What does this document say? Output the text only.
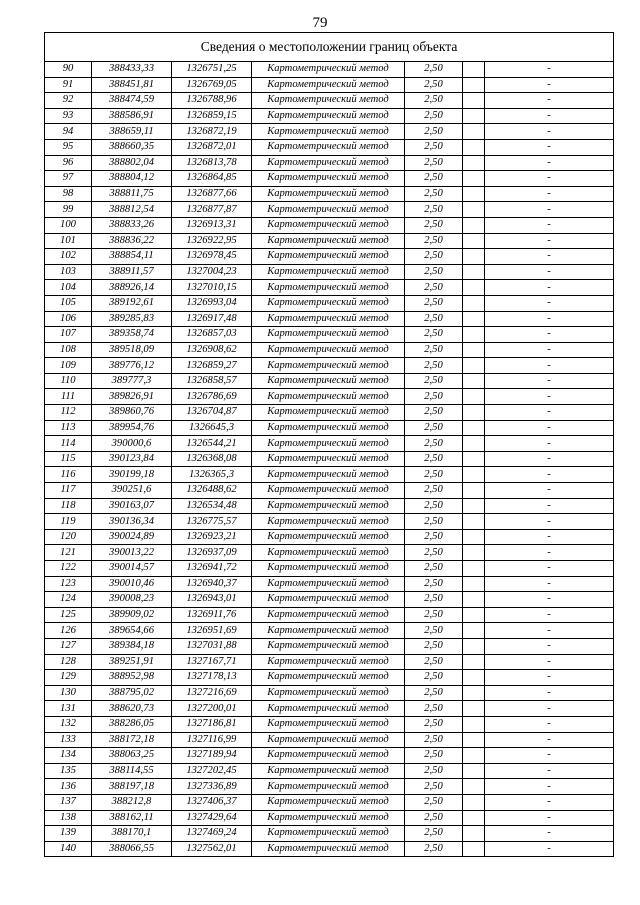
79
Сведения о местоположении границ объекта						
90	388433,33	1326751,25	Картометрический метод	2,50		-
91	388451,81	1326769,05	Картометрический метод	2,50		-
92	388474,59	1326788,96	Картометрический метод	2,50		-
93	388586,91	1326859,15	Картометрический метод	2,50		-
94	388659,11	1326872,19	Картометрический метод	2,50		-
95	388660,35	1326872,01	Картометрический метод	2,50		-
96	388802,04	1326813,78	Картометрический метод	2,50		-
97	388804,12	1326864,85	Картометрический метод	2,50		-
98	388811,75	1326877,66	Картометрический метод	2,50		-
99	388812,54	1326877,87	Картометрический метод	2,50		-
100	388833,26	1326913,31	Картометрический метод	2,50		-
101	388836,22	1326922,95	Картометрический метод	2,50		-
102	388854,11	1326978,45	Картометрический метод	2,50		-
103	388911,57	1327004,23	Картометрический метод	2,50		-
104	388926,14	1327010,15	Картометрический метод	2,50		-
105	389192,61	1326993,04	Картометрический метод	2,50		-
106	389285,83	1326917,48	Картометрический метод	2,50		-
107	389358,74	1326857,03	Картометрический метод	2,50		-
108	389518,09	1326908,62	Картометрический метод	2,50		-
109	389776,12	1326859,27	Картометрический метод	2,50		-
110	389777,3	1326858,57	Картометрический метод	2,50		-
111	389826,91	1326786,69	Картометрический метод	2,50		-
112	389860,76	1326704,87	Картометрический метод	2,50		-
113	389954,76	1326645,3	Картометрический метод	2,50		-
114	390000,6	1326544,21	Картометрический метод	2,50		-
115	390123,84	1326368,08	Картометрический метод	2,50		-
116	390199,18	1326365,3	Картометрический метод	2,50		-
117	390251,6	1326488,62	Картометрический метод	2,50		-
118	390163,07	1326534,48	Картометрический метод	2,50		-
119	390136,34	1326775,57	Картометрический метод	2,50		-
120	390024,89	1326923,21	Картометрический метод	2,50		-
121	390013,22	1326937,09	Картометрический метод	2,50		-
122	390014,57	1326941,72	Картометрический метод	2,50		-
123	390010,46	1326940,37	Картометрический метод	2,50		-
124	390008,23	1326943,01	Картометрический метод	2,50		-
125	389909,02	1326911,76	Картометрический метод	2,50		-
126	389654,66	1326951,69	Картометрический метод	2,50		-
127	389384,18	1327031,88	Картометрический метод	2,50		-
128	389251,91	1327167,71	Картометрический метод	2,50		-
129	388952,98	1327178,13	Картометрический метод	2,50		-
130	388795,02	1327216,69	Картометрический метод	2,50		-
131	388620,73	1327200,01	Картометрический метод	2,50		-
132	388286,05	1327186,81	Картометрический метод	2,50		-
133	388172,18	1327116,99	Картометрический метод	2,50		-
134	388063,25	1327189,94	Картометрический метод	2,50		-
135	388114,55	1327202,45	Картометрический метод	2,50		-
136	388197,18	1327336,89	Картометрический метод	2,50		-
137	388212,8	1327406,37	Картометрический метод	2,50		-
138	388162,11	1327429,64	Картометрический метод	2,50		-
139	388170,1	1327469,24	Картометрический метод	2,50		-
140	388066,55	1327562,01	Картометрический метод	2,50		-
